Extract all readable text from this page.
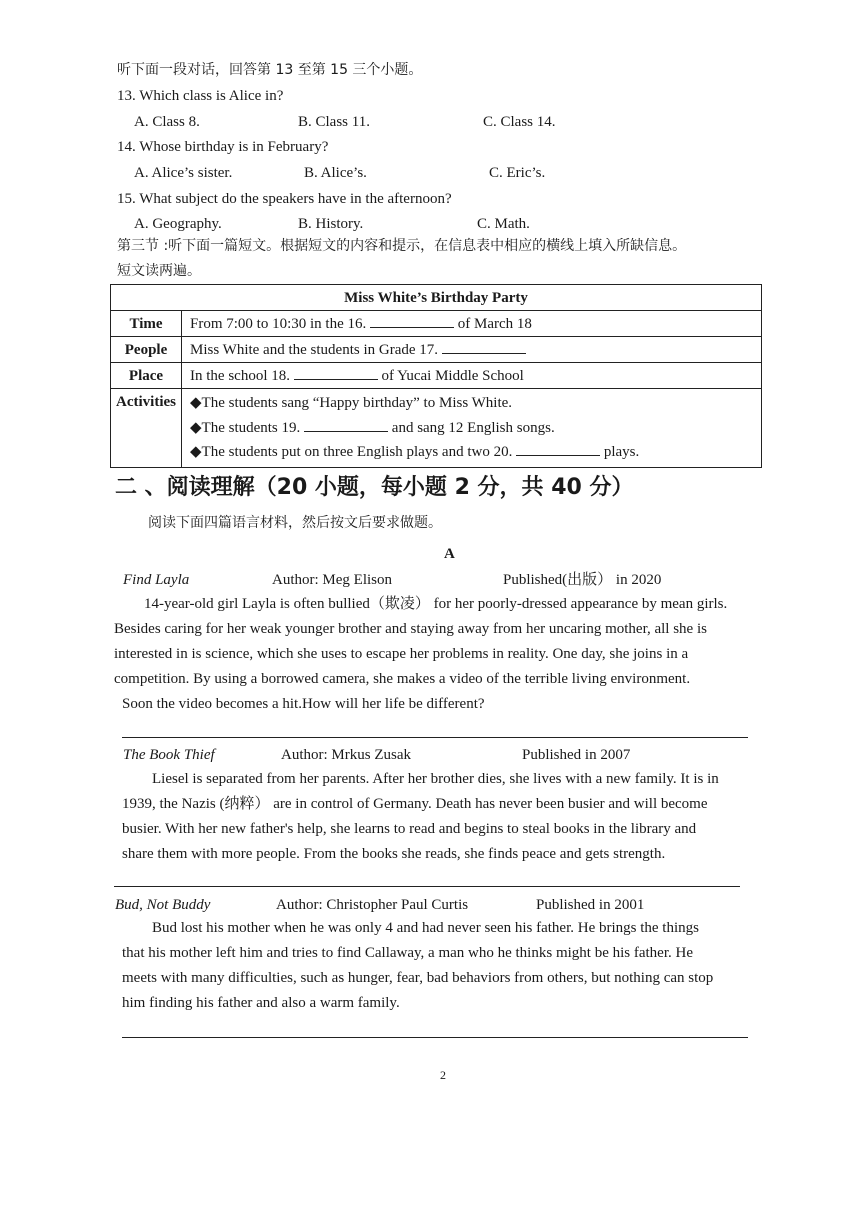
听下面一段对话，回答第 13 至第 15 三个小题。
13. Which class is Alice in?
A. Class 8.	B. Class 11.	C. Class 14.
14. Whose birthday is in February?
A. Alice’s sister.	B. Alice’s.	C. Eric’s.
15. What subject do the speakers have in the afternoon?
A. Geography.	B. History.	C. Math.
第三节 :听下面一篇短文。根据短文的内容和提示，在信息表中相应的横线上填入所缺信息。
短文读两遍。
Miss White’s Birthday Party	
Time	From 7:00 to 10:30 in the 16. of March 18
People	Miss White and the students in Grade 17.
Place	In the school 18. of Yucai Middle School
Activities	◆The students sang “Happy birthday” to Miss White.
◆The students 19. and sang 12 English songs.
◆The students put on three English plays and two 20. plays.
二 、阅读理解（20 小题，每小题 2 分，共 40 分）
阅读下面四篇语言材料，然后按文后要求做题。
A
Find Layla	Author: Meg Elison	Published(出版） in 2020

14-year-old girl Layla is often bullied（欺凌） for her poorly-dressed appearance by mean girls.

Besides caring for her weak younger brother and staying away from her uncaring mother, all she is

interested in is science, which she uses to escape her problems in reality. One day, she joins in a

competition. By using a borrowed camera, she makes a video of the terrible living environment.

Soon the video becomes a hit.How will her life be different?

The Book Thief	Author: Mrkus Zusak	Published in 2007

Liesel is separated from her parents. After her brother dies, she lives with a new family. It is in

1939, the Nazis (纳粹） are in control of Germany. Death has never been busier and will become

busier. With her new father's help, she learns to read and begins to steal books in the library and

share them with more people. From the books she reads, she finds peace and gets strength.

Bud, Not Buddy	Author: Christopher Paul Curtis	Published in 2001

Bud lost his mother when he was only 4 and had never seen his father. He brings the things

that his mother left him and tries to find Callaway, a man who he thinks might be his father. He

meets with many difficulties, such as hunger, fear, bad behaviors from others, but nothing can stop

him finding his father and also a warm family.

2
